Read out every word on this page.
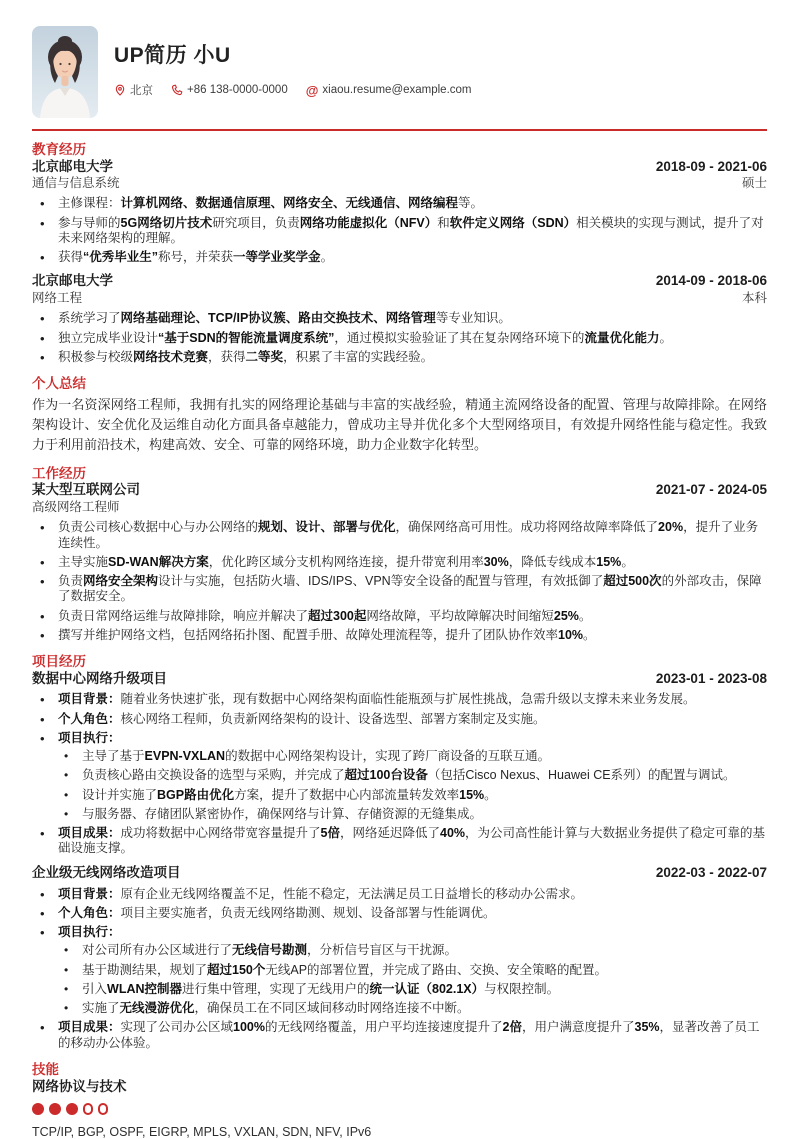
UP简历 小U
北京	+86 138-0000-0000 @ xiaou.resume@example.com
教育经历
北京邮电大学	2018-09 - 2021-06
通信与信息系统	硕士
• 主修课程：计算机网络、数据通信原理、网络安全、无线通信、网络编程等。
• 参与导师的5G网络切片技术研究项目，负责网络功能虚拟化（NFV）和软件定义网络（SDN）相关模块的实现与测试，提升了对未来网络架构的理解。
• 获得“优秀毕业生”称号，并荣获一等学业奖学金。
北京邮电大学	2014-09 - 2018-06
网络工程	本科
• 系统学习了网络基础理论、TCP/IP协议簇、路由交换技术、网络管理等专业知识。
• 独立完成毕业设计“基于SDN的智能流量调度系统”，通过模拟实验验证了其在复杂网络环境下的流量优化能力。
• 积极参与校级网络技术竞赛，获得二等奖，积累了丰富的实践经验。
个人总结
作为一名资深网络工程师，我拥有扎实的网络理论基础与丰富的实战经验，精通主流网络设备的配置、管理与故障排除。在网络架构设计、安全优化及运维自动化方面具备卓越能力，曾成功主导并优化多个大型网络项目，有效提升网络性能与稳定性。我致力于利用前沿技术，构建高效、安全、可靠的网络环境，助力企业数字化转型。
工作经历
某大型互联网公司	2021-07 - 2024-05
高级网络工程师
• 负责公司核心数据中心与办公网络的规划、设计、部署与优化，确保网络高可用性。成功将网络故障率降低了20%，提升了业务连续性。
• 主导实施SD-WAN解决方案，优化跨区域分支机构网络连接，提升带宽利用率30%，降低专线成本15%。
• 负责网络安全架构设计与实施，包括防火墙、IDS/IPS、VPN等安全设备的配置与管理，有效抵御了超过500次的外部攻击，保障了数据安全。
• 负责日常网络运维与故障排除，响应并解决了超过300起网络故障，平均故障解决时间缩短25%。
• 撰写并维护网络文档，包括网络拓扑图、配置手册、故障处理流程等，提升了团队协作效率10%。
项目经历
数据中心网络升级项目	2023-01 - 2023-08
• 项目背景：随着业务快速扩张，现有数据中心网络架构面临性能瓶颈与扩展性挑战，急需升级以支撑未来业务发展。
• 个人角色：核心网络工程师，负责新网络架构的设计、设备选型、部署方案制定及实施。
• 项目执行：
• 主导了基于EVPN-VXLAN的数据中心网络架构设计，实现了跨厂商设备的互联互通。
• 负责核心路由交换设备的选型与采购，并完成了超过100台设备（包括Cisco Nexus、Huawei CE系列）的配置与调试。
• 设计并实施了BGP路由优化方案，提升了数据中心内部流量转发效率15%。
• 与服务器、存储团队紧密协作，确保网络与计算、存储资源的无缝集成。
• 项目成果：成功将数据中心网络带宽容量提升了5倍，网络延迟降低了40%，为公司高性能计算与大数据业务提供了稳定可靠的基础设施支撑。
企业级无线网络改造项目	2022-03 - 2022-07
• 项目背景：原有企业无线网络覆盖不足，性能不稳定，无法满足员工日益增长的移动办公需求。
• 个人角色：项目主要实施者，负责无线网络勘测、规划、设备部署与性能调优。
• 项目执行：
• 对公司所有办公区域进行了无线信号勘测，分析信号盲区与干扰源。
• 基于勘测结果，规划了超过150个无线AP的部署位置，并完成了路由、交换、安全策略的配置。
• 引入WLAN控制器进行集中管理，实现了无线用户的统一认证（802.1X）与权限控制。
• 实施了无线漫游优化，确保员工在不同区域间移动时网络连接不中断。
• 项目成果：实现了公司办公区域100%的无线网络覆盖，用户平均连接速度提升了2倍，用户满意度提升了35%，显著改善了员工的移动办公体验。
技能
网络协议与技术
TCP/IP, BGP, OSPF, EIGRP, MPLS, VXLAN, SDN, NFV, IPv6
